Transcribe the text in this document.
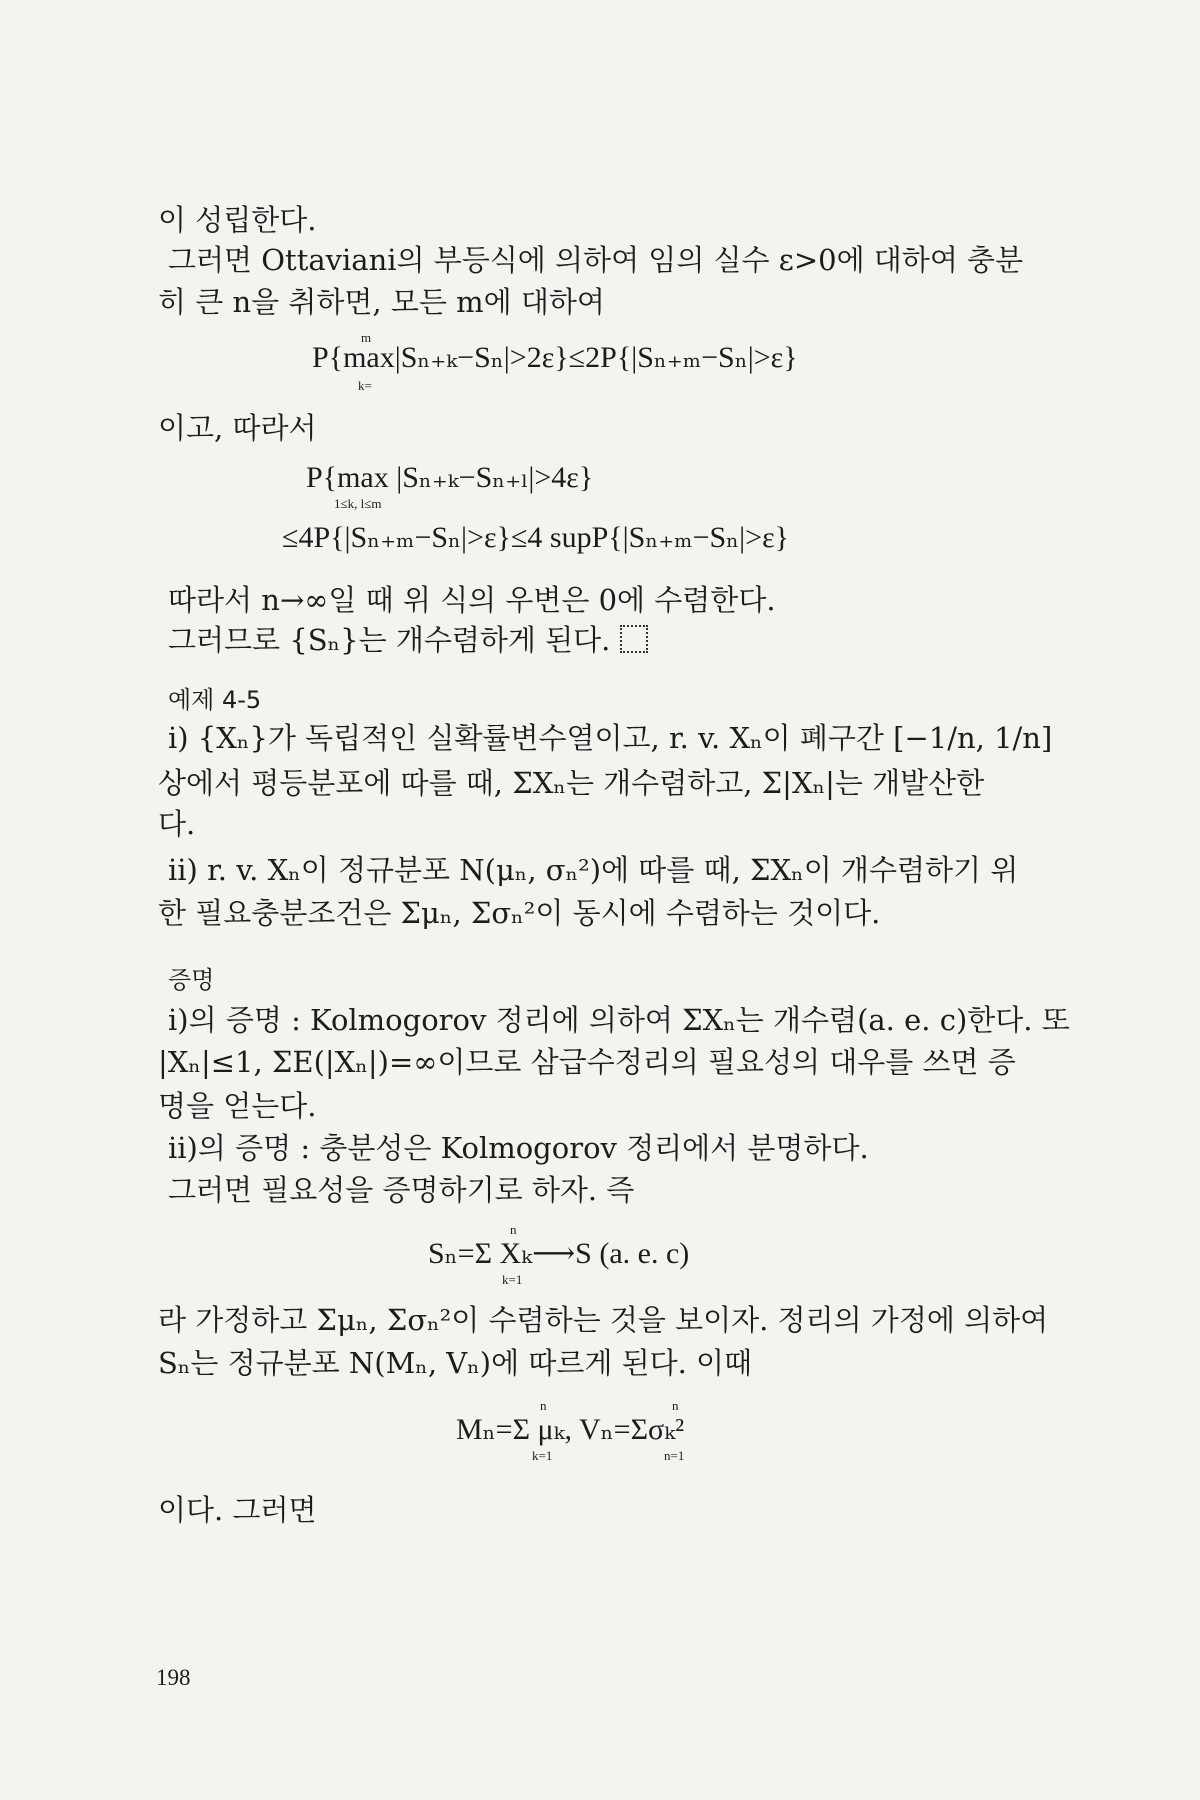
이 성립한다.
그러면 Ottaviani의 부등식에 의하여 임의 실수 ε>0에 대하여 충분
히 큰 n을 취하면, 모든 m에 대하여
P{max|Sₙ₊ₖ−Sₙ|>2ε}≤2P{|Sₙ₊ₘ−Sₙ|>ε}
m
k=
이고, 따라서
P{max |Sₙ₊ₖ−Sₙ₊ₗ|>4ε}
1≤k, l≤m
≤4P{|Sₙ₊ₘ−Sₙ|>ε}≤4 supP{|Sₙ₊ₘ−Sₙ|>ε}
따라서 n→∞일 때 위 식의 우변은 0에 수렴한다.
그러므로 {Sₙ}는 개수렴하게 된다.
예제 4-5
i) {Xₙ}가 독립적인 실확률변수열이고, r. v. Xₙ이 폐구간 [−1/n, 1/n]
상에서 평등분포에 따를 때, ΣXₙ는 개수렴하고, Σ|Xₙ|는 개발산한
다.
ii) r. v. Xₙ이 정규분포 N(μₙ, σₙ²)에 따를 때, ΣXₙ이 개수렴하기 위
한 필요충분조건은 Σμₙ, Σσₙ²이 동시에 수렴하는 것이다.
증명
i)의 증명 : Kolmogorov 정리에 의하여 ΣXₙ는 개수렴(a. e. c)한다. 또
|Xₙ|≤1, ΣE(|Xₙ|)=∞이므로 삼급수정리의 필요성의 대우를 쓰면 증
명을 얻는다.
ii)의 증명 : 충분성은 Kolmogorov 정리에서 분명하다.
그러면 필요성을 증명하기로 하자. 즉
Sₙ=Σ Xₖ⟶S (a. e. c)
n
k=1
라 가정하고 Σμₙ, Σσₙ²이 수렴하는 것을 보이자. 정리의 가정에 의하여
Sₙ는 정규분포 N(Mₙ, Vₙ)에 따르게 된다. 이때
Mₙ=Σ μₖ, Vₙ=Σσₖ²
n
k=1
n
n=1
이다. 그러면
198
